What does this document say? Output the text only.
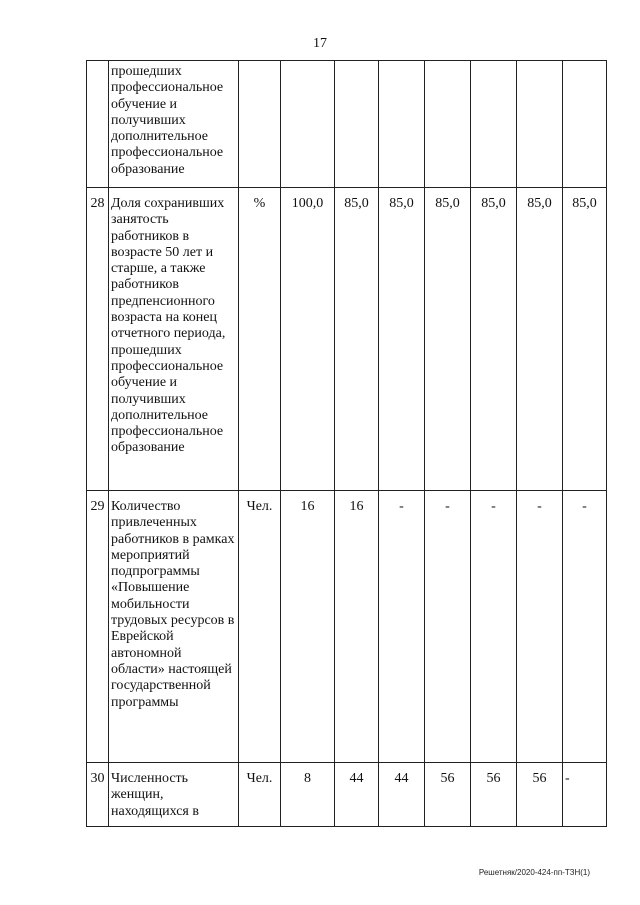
17
	прошедших профессиональное обучение и получивших дополнительное профессиональное образование								
28	Доля сохранивших занятость работников в возрасте 50 лет и старше, а также работников предпенсионного возраста на конец отчетного периода, прошедших профессиональное обучение и получивших дополнительное профессиональное образование	%	100,0	85,0	85,0	85,0	85,0	85,0	85,0
29	Количество привлеченных работников в рамках мероприятий подпрограммы «Повышение мобильности трудовых ресурсов в Еврейской автономной области» настоящей государственной программы	Чел.	16	16	-	-	-	-	-
30	Численность женщин, находящихся в	Чел.	8	44	44	56	56	56	-
Решетняк/2020-424-пп-ТЗН(1)
